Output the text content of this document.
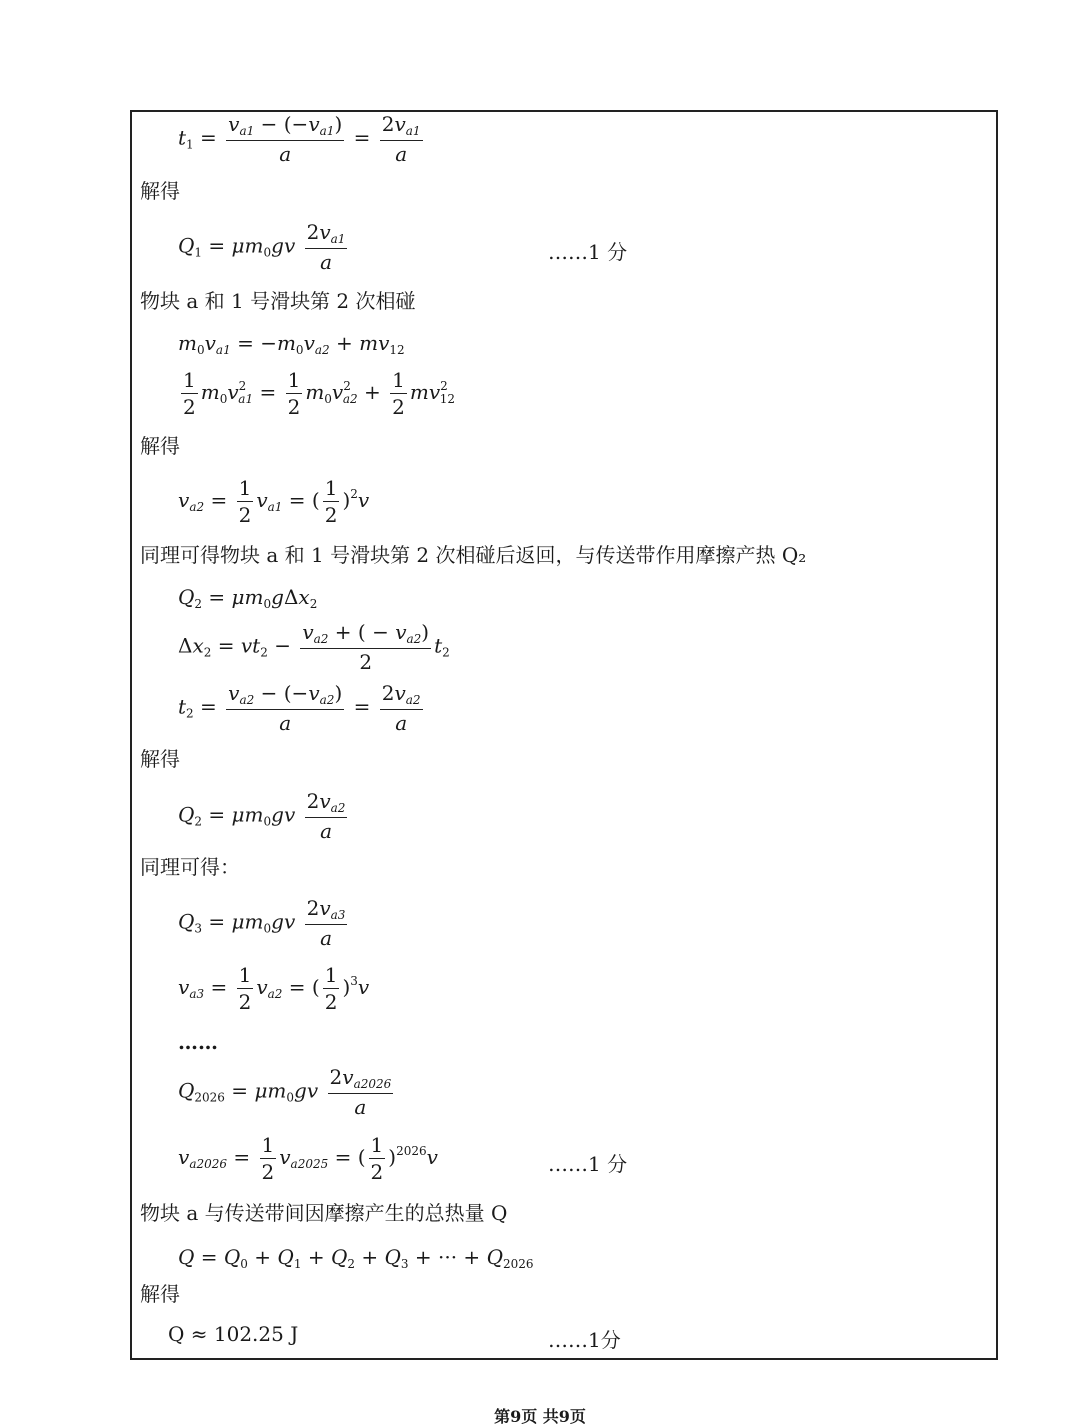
$t_1 = \frac{v_{a1} - (-v_{a1})}{a} = \frac{2v_{a1}}{a}$
解得
$Q_1 = \mu m_0gv \frac{2v_{a1}}{a}$	……1 分
物块 a 和 1 号滑块第 2 次相碰
$m_0v_{a1} = -m_0v_{a2} + mv_{12}$
$\frac{1}{2} m_0v^2_{a1} = \frac{1}{2} m_0v^2_{a2} + \frac{1}{2} mv^2_{12}$
解得
$v_{a2} = \frac{1}{2} v_{a1}$ = ( $\frac{1}{2} )^2v$
同理可得物块 a 和 1 号滑块第 2 次相碰后返回，与传送带作用摩擦产热 Q₂
$Q_2 = \mu m_0g\Delta x_2$
$\Delta x_2 = vt_2 - \frac{v_{a2} + ( - v_{a2})}{2} t_2$
$t_2 = \frac{v_{a2} - (-v_{a2})}{a} = \frac{2v_{a2}}{a}$
解得
$Q_2 = \mu m_0gv \frac{2v_{a2}}{a}$
同理可得：
$Q_3 = \mu m_0gv \frac{2v_{a3}}{a}$
$v_{a3} = \frac{1}{2} v_{a2}$ = ( $\frac{1}{2} )^3v$
……
$Q_{2026} = \mu m_0gv \frac{2v_{a2026}}{a}$
$v_{a2026} = \frac{1}{2} v_{a2025}$ = ( $\frac{1}{2} )^{2026}v$	……1 分
物块 a 与传送带间因摩擦产生的总热量 Q
$Q = Q_0 + Q_1 + Q_2 + Q_3$ + ··· + $Q_{2026}$
解得
Q ≈ 102.25 J	……1分
第9页 共9页
